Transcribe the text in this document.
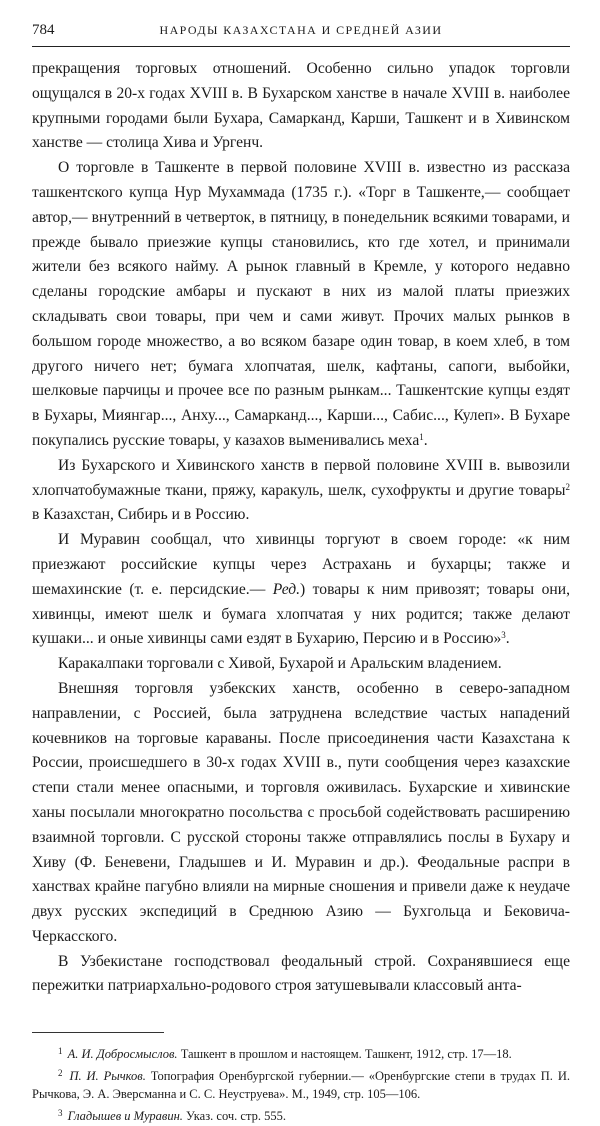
784	НАРОДЫ КАЗАХСТАНА И СРЕДНЕЙ АЗИИ

прекращения торговых отношений. Особенно сильно упадок торговли ощущался в 20-х годах XVIII в. В Бухарском ханстве в начале XVIII в. наиболее крупными городами были Бухара, Самарканд, Карши, Ташкент и в Хивинском ханстве — столица Хива и Ургенч.

О торговле в Ташкенте в первой половине XVIII в. известно из рассказа ташкентского купца Нур Мухаммада (1735 г.). «Торг в Ташкенте,— сообщает автор,— внутренний в четверток, в пятницу, в понедельник всякими товарами, и прежде бывало приезжие купцы становились, кто где хотел, и принимали жители без всякого найму. А рынок главный в Кремле, у которого недавно сделаны городские амбары и пускают в них из малой платы приезжих складывать свои товары, при чем и сами живут. Прочих малых рынков в большом городе множество, а во всяком базаре один товар, в коем хлеб, в том другого ничего нет; бумага хлопчатая, шелк, кафтаны, сапоги, выбойки, шелковые парчицы и прочее все по разным рынкам... Ташкентские купцы ездят в Бухары, Миянгар..., Анху..., Самарканд..., Карши..., Сабис..., Кулеп». В Бухаре покупались русские товары, у казахов выменивались меха$^1$.

Из Бухарского и Хивинского ханств в первой половине XVIII в. вывозили хлопчатобумажные ткани, пряжу, каракуль, шелк, сухофрукты и другие товары$^2$ в Казахстан, Сибирь и в Россию.

И Муравин сообщал, что хивинцы торгуют в своем городе: «к ним приезжают российские купцы через Астрахань и бухарцы; также и шемахинские (т. е. персидские.— Ред.) товары к ним привозят; товары они, хивинцы, имеют шелк и бумага хлопчатая у них родится; также делают кушаки... и оные хивинцы сами ездят в Бухарию, Персию и в Россию»$^3$.

Каракалпаки торговали с Хивой, Бухарой и Аральским владением.

Внешняя торговля узбекских ханств, особенно в северо-западном направлении, с Россией, была затруднена вследствие частых нападений кочевников на торговые караваны. После присоединения части Казахстана к России, происшедшего в 30-х годах XVIII в., пути сообщения через казахские степи стали менее опасными, и торговля оживилась. Бухарские и хивинские ханы посылали многократно посольства с просьбой содействовать расширению взаимной торговли. С русской стороны также отправлялись послы в Бухару и Хиву (Ф. Беневени, Гладышев и И. Муравин и др.). Феодальные распри в ханствах крайне пагубно влияли на мирные сношения и привели даже к неудаче двух русских экспедиций в Среднюю Азию — Бухгольца и Бековича-Черкасского.

В Узбекистане господствовал феодальный строй. Сохранявшиеся еще пережитки патриархально-родового строя затушевывали классовый анта-

$^1$ А. И. Добросмыслов. Ташкент в прошлом и настоящем. Ташкент, 1912, стр. 17—18.

$^2$ П. И. Рычков. Топография Оренбургской губернии.— «Оренбургские степи в трудах П. И. Рычкова, Э. А. Эверсманна и С. С. Неуструева». М., 1949, стр. 105—106.

$^3$ Гладышев и Муравин. Указ. соч. стр. 555.
